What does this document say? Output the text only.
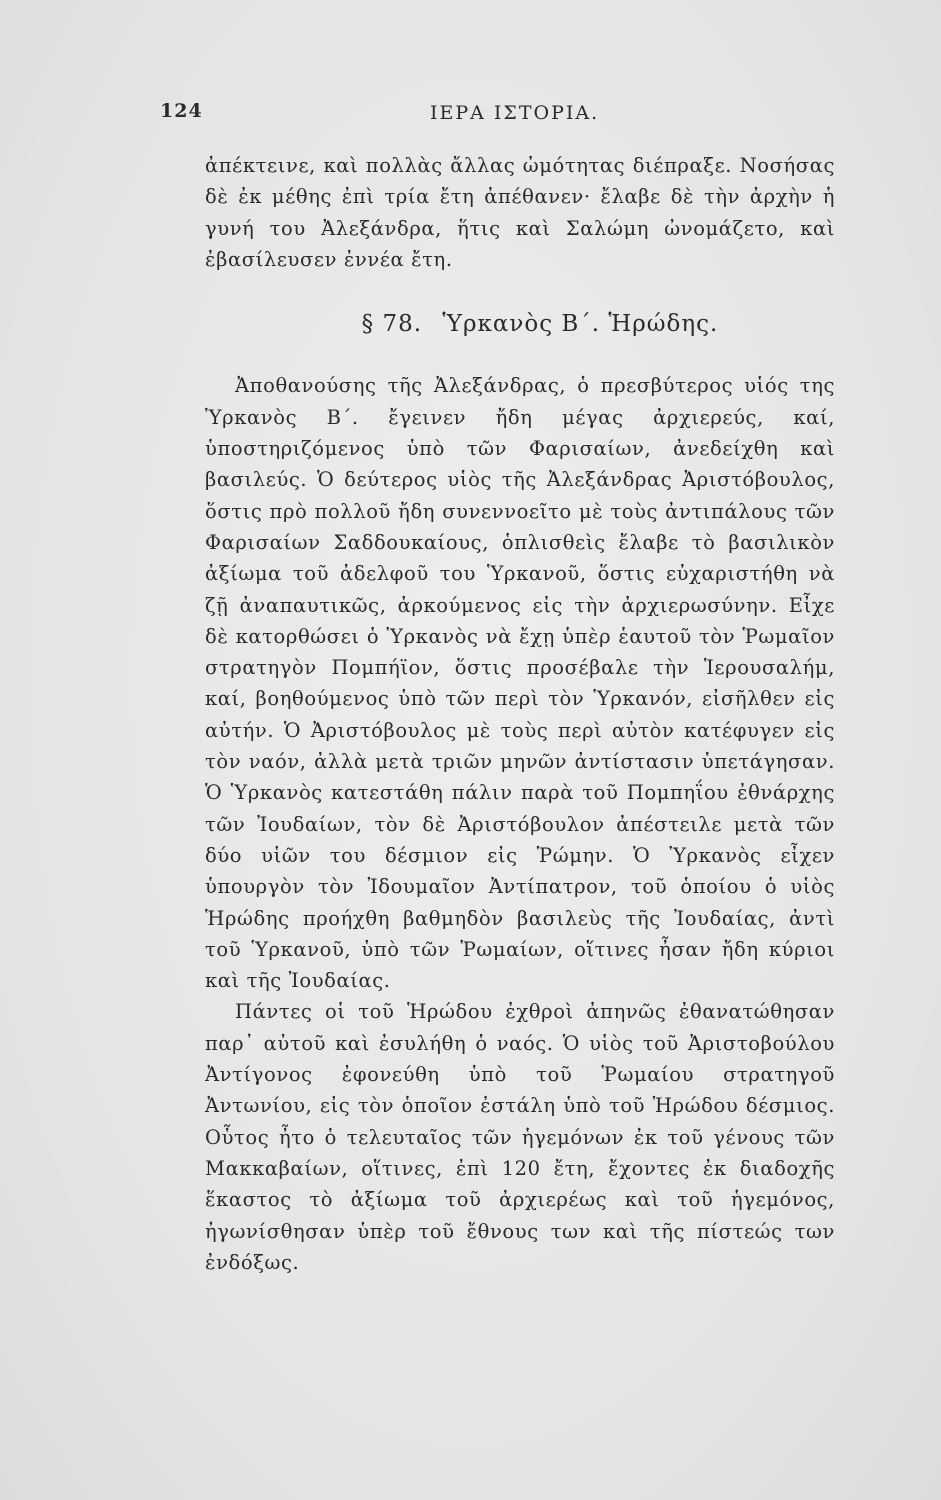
124	ΙΕΡΑ ΙΣΤΟΡΙΑ.

ἀπέκτεινε, καὶ πολλὰς ἄλλας ὠμότητας διέπραξε. Νοσήσας δὲ ἐκ μέθης ἐπὶ τρία ἔτη ἀπέθανεν· ἔλαβε δὲ τὴν ἀρχὴν ἡ γυνή του Ἀλεξάνδρα, ἥτις καὶ Σαλώμη ὠνομάζετο, καὶ ἐβασίλευσεν ἐννέα ἔτη.

§ 78. Ὑρκανὸς Β΄. Ἡρώδης.

Ἀποθανούσης τῆς Ἀλεξάνδρας, ὁ πρεσβύτερος υἱός της Ὑρκανὸς Β΄. ἔγεινεν ἤδη μέγας ἀρχιερεύς, καί, ὑποστηριζόμενος ὑπὸ τῶν Φαρισαίων, ἀνεδείχθη καὶ βασιλεύς. Ὁ δεύτερος υἱὸς τῆς Ἀλεξάνδρας Ἀριστόβουλος, ὅστις πρὸ πολλοῦ ἤδη συνεννοεῖτο μὲ τοὺς ἀντιπάλους τῶν Φαρισαίων Σαδδουκαίους, ὁπλισθεὶς ἔλαβε τὸ βασιλικὸν ἀξίωμα τοῦ ἀδελφοῦ του Ὑρκανοῦ, ὅστις εὐχαριστήθη νὰ ζῇ ἀναπαυτικῶς, ἀρκούμενος εἰς τὴν ἀρχιερωσύνην. Εἶχε δὲ κατορθώσει ὁ Ὑρκανὸς νὰ ἔχῃ ὑπὲρ ἑαυτοῦ τὸν Ῥωμαῖον στρατηγὸν Πομπήϊον, ὅστις προσέβαλε τὴν Ἱερουσαλήμ, καί, βοηθούμενος ὑπὸ τῶν περὶ τὸν Ὑρκανόν, εἰσῆλθεν εἰς αὐτήν. Ὁ Ἀριστόβουλος μὲ τοὺς περὶ αὐτὸν κατέφυγεν εἰς τὸν ναόν, ἀλλὰ μετὰ τριῶν μηνῶν ἀντίστασιν ὑπετάγησαν. Ὁ Ὑρκανὸς κατεστάθη πάλιν παρὰ τοῦ Πομπηΐου ἐθνάρχης τῶν Ἰουδαίων, τὸν δὲ Ἀριστόβουλον ἀπέστειλε μετὰ τῶν δύο υἱῶν του δέσμιον εἰς Ῥώμην. Ὁ Ὑρκανὸς εἶχεν ὑπουργὸν τὸν Ἰδουμαῖον Ἀντίπατρον, τοῦ ὁποίου ὁ υἱὸς Ἡρώδης προήχθη βαθμηδὸν βασιλεὺς τῆς Ἰουδαίας, ἀντὶ τοῦ Ὑρκανοῦ, ὑπὸ τῶν Ῥωμαίων, οἵτινες ἦσαν ἤδη κύριοι καὶ τῆς Ἰουδαίας.

Πάντες οἱ τοῦ Ἡρώδου ἐχθροὶ ἀπηνῶς ἐθανατώθησαν παρ᾿ αὐτοῦ καὶ ἐσυλήθη ὁ ναός. Ὁ υἱὸς τοῦ Ἀριστοβούλου Ἀντίγονος ἐφονεύθη ὑπὸ τοῦ Ῥωμαίου στρατηγοῦ Ἀντωνίου, εἰς τὸν ὁποῖον ἐστάλη ὑπὸ τοῦ Ἡρώδου δέσμιος. Οὗτος ἦτο ὁ τελευταῖος τῶν ἡγεμόνων ἐκ τοῦ γένους τῶν Μακκαβαίων, οἵτινες, ἐπὶ 120 ἔτη, ἔχοντες ἐκ διαδοχῆς ἕκαστος τὸ ἀξίωμα τοῦ ἀρχιερέως καὶ τοῦ ἡγεμόνος, ἠγωνίσθησαν ὑπὲρ τοῦ ἔθνους των καὶ τῆς πίστεώς των ἐνδόξως.
